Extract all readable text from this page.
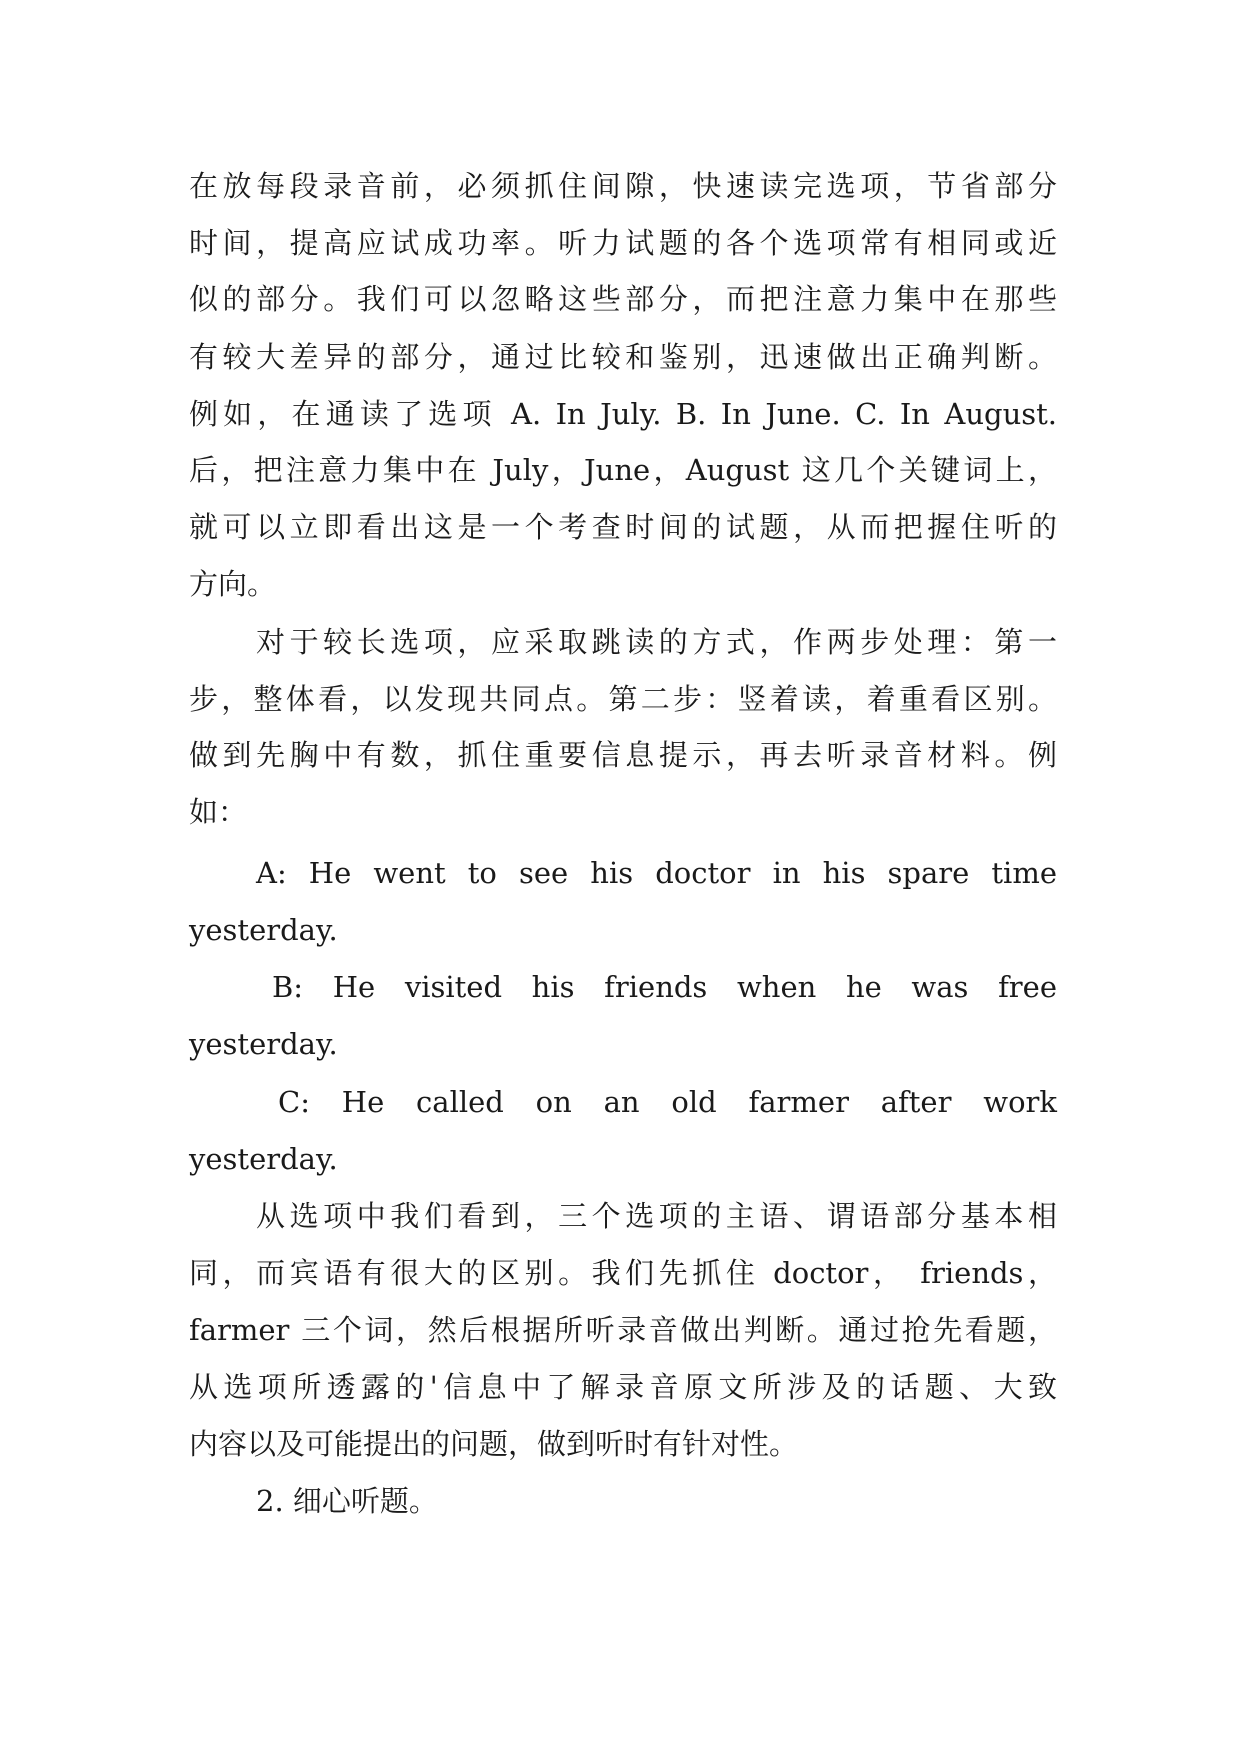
在放每段录音前，必须抓住间隙，快速读完选项，节省部分
时间，提高应试成功率。听力试题的各个选项常有相同或近
似的部分。我们可以忽略这些部分，而把注意力集中在那些
有较大差异的部分，通过比较和鉴别，迅速做出正确判断。
例如，在通读了选项 A. In July. B. In June. C. In August.
后，把注意力集中在 July，June，August 这几个关键词上，
就可以立即看出这是一个考查时间的试题，从而把握住听的
方向。
对于较长选项，应采取跳读的方式，作两步处理：第一
步，整体看，以发现共同点。第二步：竖着读，着重看区别。
做到先胸中有数，抓住重要信息提示，再去听录音材料。例
如：
A: He went to see his doctor in his spare time
yesterday.
B: He visited his friends when he was free
yesterday.
C: He called on an old farmer after work
yesterday.
从选项中我们看到，三个选项的主语、谓语部分基本相
同，而宾语有很大的区别。我们先抓住 doctor， friends，
farmer 三个词，然后根据所听录音做出判断。通过抢先看题，
从选项所透露的'信息中了解录音原文所涉及的话题、大致
内容以及可能提出的问题，做到听时有针对性。
2. 细心听题。
